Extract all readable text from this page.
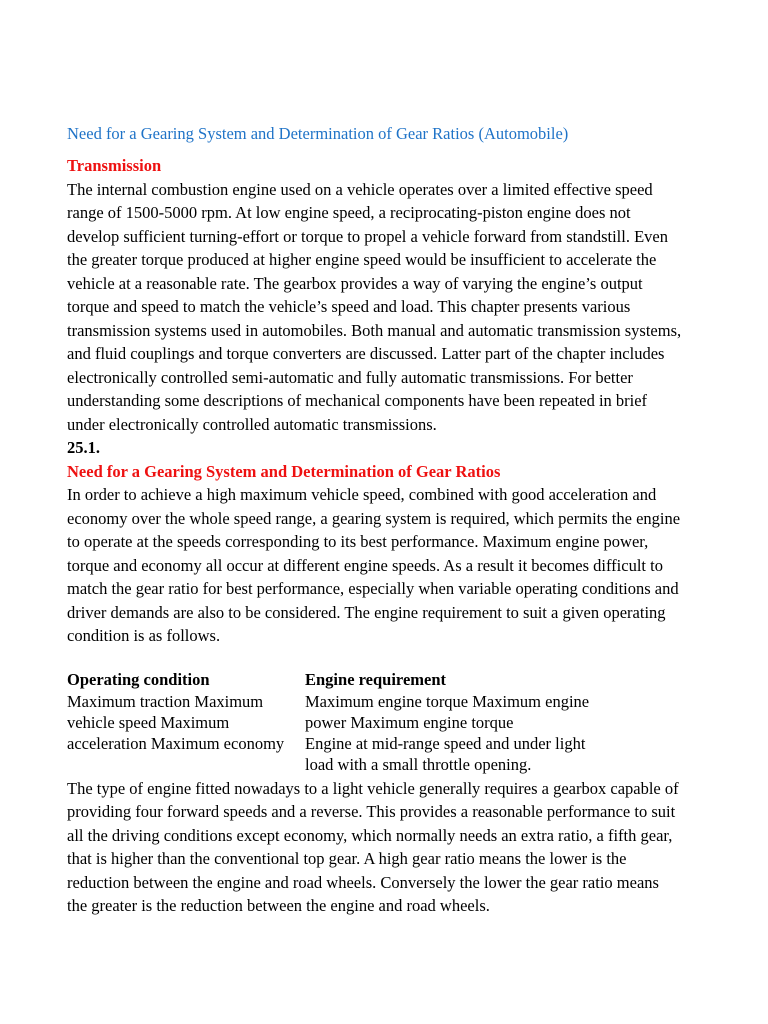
Need for a Gearing System and Determination of Gear Ratios (Automobile)
Transmission

The internal combustion engine used on a vehicle operates over a limited effective speed
range of 1500-5000 rpm. At low engine speed, a reciprocating-piston engine does not
develop sufficient turning-effort or torque to propel a vehicle forward from standstill. Even
the greater torque produced at higher engine speed would be insufficient to accelerate the
vehicle at a reasonable rate. The gearbox provides a way of varying the engine’s output
torque and speed to match the vehicle’s speed and load. This chapter presents various
transmission systems used in automobiles. Both manual and automatic transmission systems,
and fluid couplings and torque converters are discussed. Latter part of the chapter includes
electronically controlled semi-automatic and fully automatic transmissions. For better
understanding some descriptions of mechanical components have been repeated in brief
under electronically controlled automatic transmissions.

25.1.
Need for a Gearing System and Determination of Gear Ratios

In order to achieve a high maximum vehicle speed, combined with good acceleration and
economy over the whole speed range, a gearing system is required, which permits the engine
to operate at the speeds corresponding to its best performance. Maximum engine power,
torque and economy all occur at different engine speeds. As a result it becomes difficult to
match the gear ratio for best performance, especially when variable operating conditions and
driver demands are also to be considered. The engine requirement to suit a given operating
condition is as follows.

Operating condition	Engine requirement

Maximum traction Maximum
vehicle speed Maximum
acceleration Maximum economy	Maximum engine torque Maximum engine
power Maximum engine torque
Engine at mid-range speed and under light
load with a small throttle opening.

The type of engine fitted nowadays to a light vehicle generally requires a gearbox capable of
providing four forward speeds and a reverse. This provides a reasonable performance to suit
all the driving conditions except economy, which normally needs an extra ratio, a fifth gear,
that is higher than the conventional top gear. A high gear ratio means the lower is the
reduction between the engine and road wheels. Conversely the lower the gear ratio means
the greater is the reduction between the engine and road wheels.
